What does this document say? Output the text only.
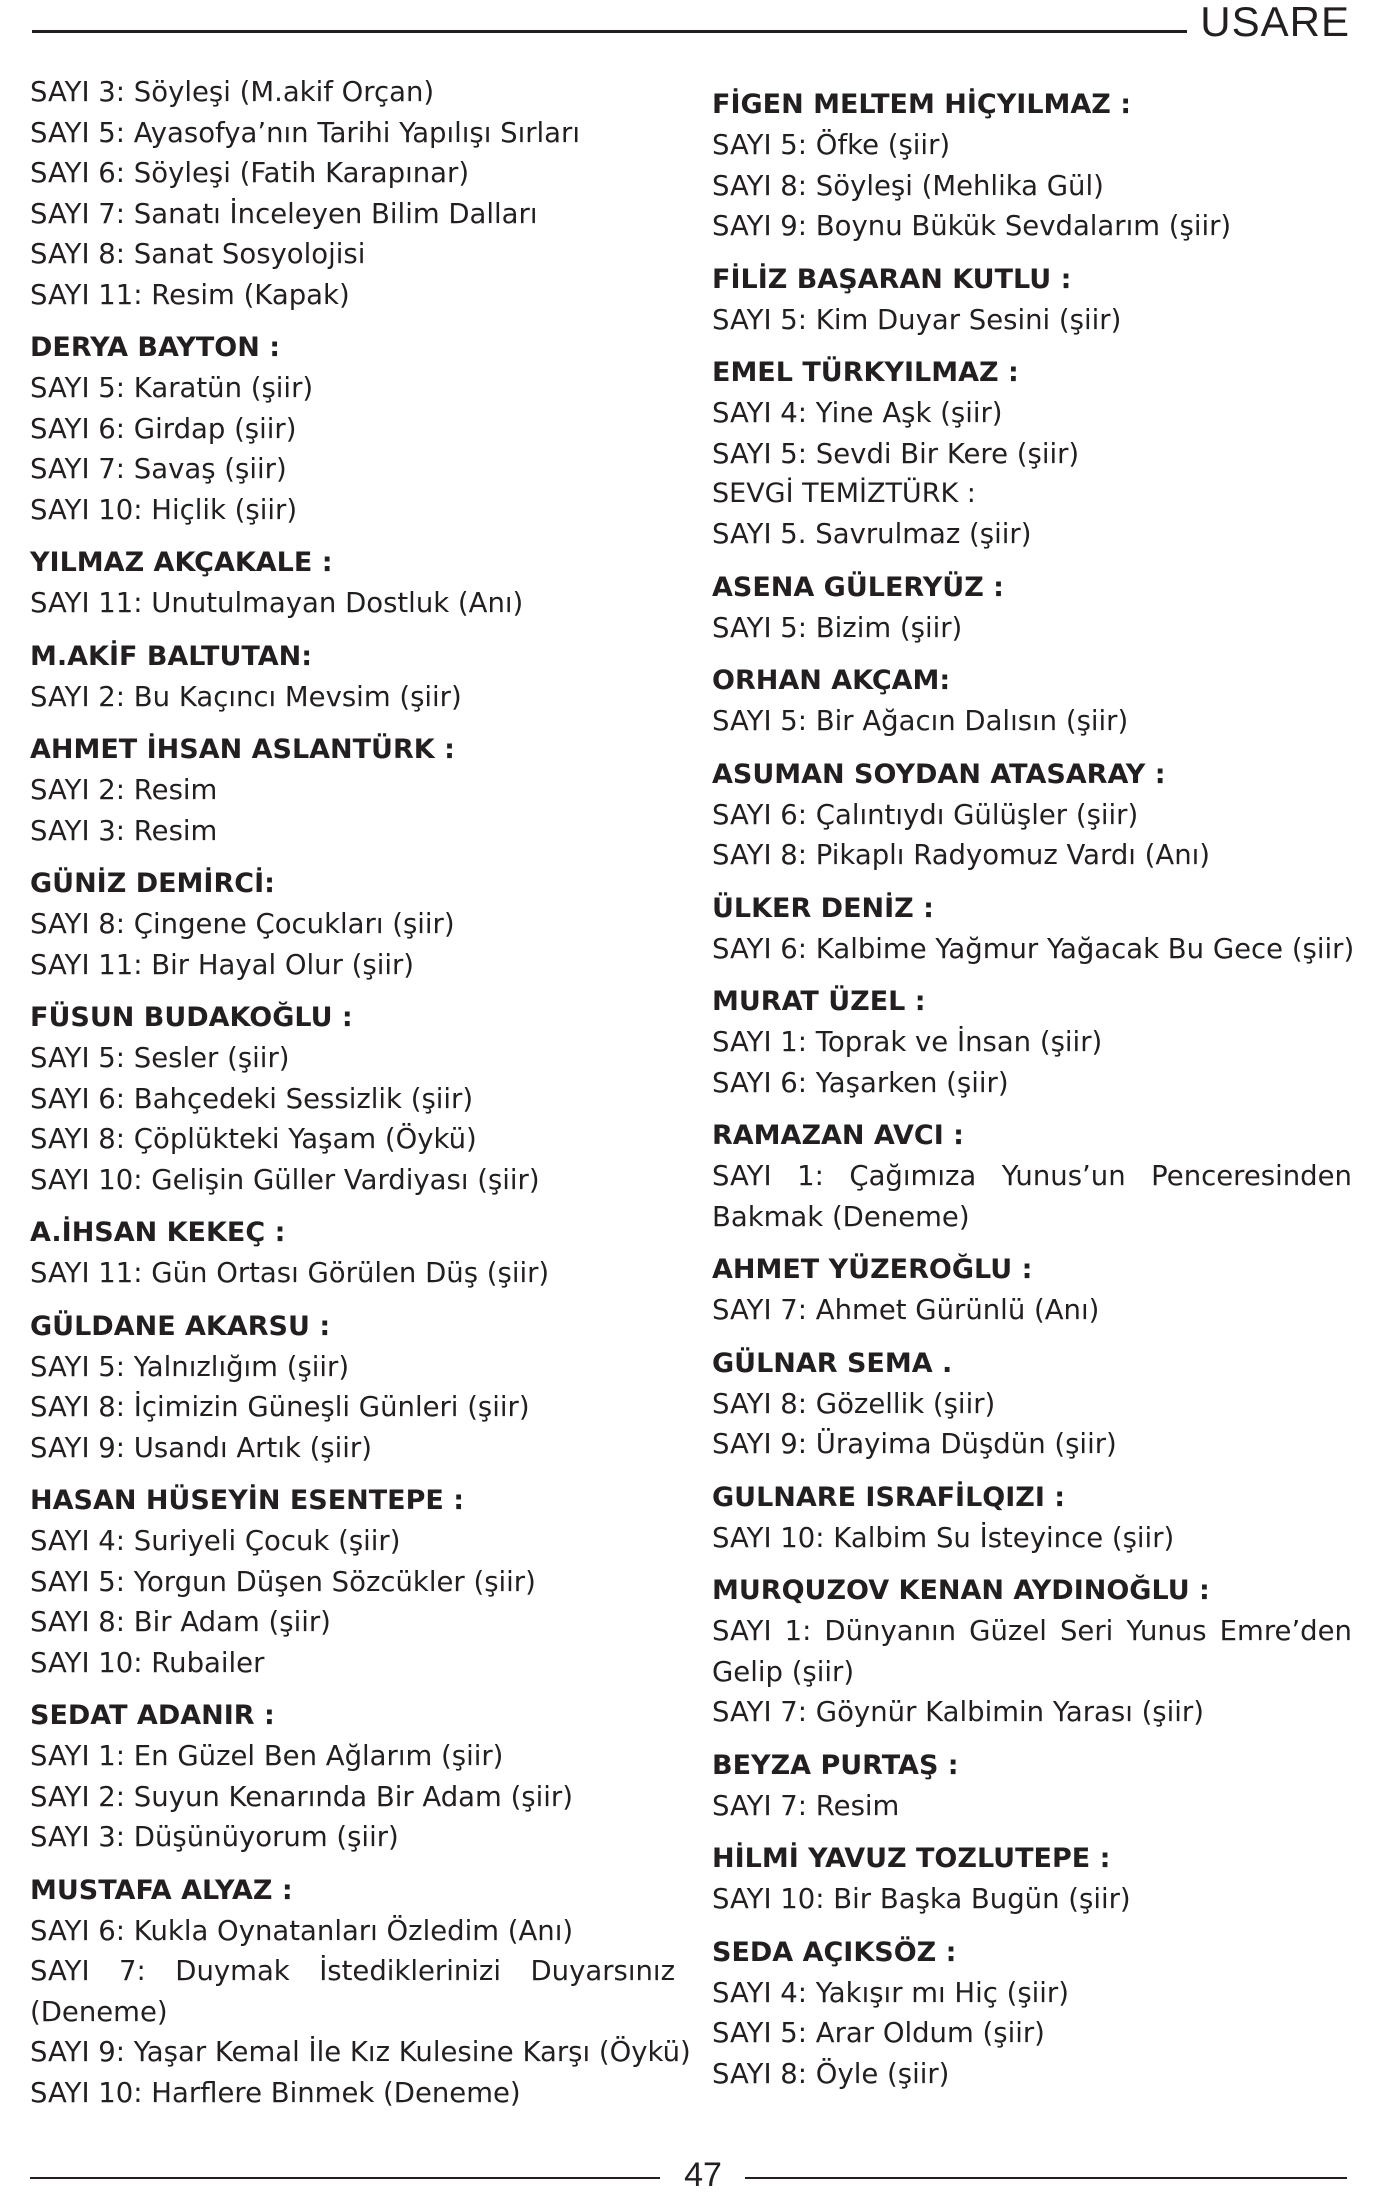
USARE
SAYI 3: Söyleşi (M.akif Orçan)
SAYI 5: Ayasofya’nın Tarihi Yapılışı Sırları
SAYI 6: Söyleşi (Fatih Karapınar)
SAYI 7: Sanatı İnceleyen Bilim Dalları
SAYI 8: Sanat Sosyolojisi
SAYI 11: Resim (Kapak)
DERYA BAYTON :
SAYI 5: Karatün (şiir)
SAYI 6: Girdap (şiir)
SAYI 7: Savaş (şiir)
SAYI 10: Hiçlik (şiir)
YILMAZ AKÇAKALE :
SAYI 11: Unutulmayan Dostluk (Anı)
M.AKİF BALTUTAN:
SAYI 2: Bu Kaçıncı Mevsim (şiir)
AHMET İHSAN ASLANTÜRK :
SAYI 2: Resim
SAYI 3: Resim
GÜNİZ DEMİRCİ:
SAYI 8: Çingene Çocukları (şiir)
SAYI 11: Bir Hayal Olur (şiir)
FÜSUN BUDAKOĞLU :
SAYI 5: Sesler (şiir)
SAYI 6: Bahçedeki Sessizlik (şiir)
SAYI 8: Çöplükteki Yaşam (Öykü)
SAYI 10: Gelişin Güller Vardiyası (şiir)
A.İHSAN KEKEÇ :
SAYI 11: Gün Ortası Görülen Düş (şiir)
GÜLDANE AKARSU :
SAYI 5: Yalnızlığım (şiir)
SAYI 8: İçimizin Güneşli Günleri (şiir)
SAYI 9: Usandı Artık (şiir)
HASAN HÜSEYİN ESENTEPE :
SAYI 4: Suriyeli Çocuk (şiir)
SAYI 5: Yorgun Düşen Sözcükler (şiir)
SAYI 8: Bir Adam (şiir)
SAYI 10: Rubailer
SEDAT ADANIR :
SAYI 1: En Güzel Ben Ağlarım (şiir)
SAYI 2: Suyun Kenarında Bir Adam (şiir)
SAYI 3: Düşünüyorum (şiir)
MUSTAFA ALYAZ :
SAYI 6: Kukla Oynatanları Özledim (Anı)
SAYI 7: Duymak İstediklerinizi Duyarsınız (Deneme)
SAYI 9: Yaşar Kemal İle Kız Kulesine Karşı (Öykü)
SAYI 10: Harflere Binmek (Deneme)
FİGEN MELTEM HİÇYILMAZ :
SAYI 5: Öfke (şiir)
SAYI 8: Söyleşi (Mehlika Gül)
SAYI 9: Boynu Bükük Sevdalarım (şiir)
FİLİZ BAŞARAN KUTLU :
SAYI 5: Kim Duyar Sesini (şiir)
EMEL TÜRKYILMAZ :
SAYI 4: Yine Aşk (şiir)
SAYI 5: Sevdi Bir Kere (şiir)
SEVGİ TEMİZTÜRK :
SAYI 5. Savrulmaz (şiir)
ASENA GÜLERYÜZ :
SAYI 5: Bizim (şiir)
ORHAN AKÇAM:
SAYI 5: Bir Ağacın Dalısın (şiir)
ASUMAN SOYDAN ATASARAY :
SAYI 6: Çalıntıydı Gülüşler (şiir)
SAYI 8: Pikaplı Radyomuz Vardı (Anı)
ÜLKER DENİZ :
SAYI 6: Kalbime Yağmur Yağacak Bu Gece (şiir)
MURAT ÜZEL :
SAYI 1: Toprak ve İnsan (şiir)
SAYI 6: Yaşarken (şiir)
RAMAZAN AVCI :
SAYI 1: Çağımıza Yunus’un Penceresinden Bakmak (Deneme)
AHMET YÜZEROĞLU :
SAYI 7: Ahmet Gürünlü (Anı)
GÜLNAR SEMA .
SAYI 8: Gözellik (şiir)
SAYI 9: Ürayima Düşdün (şiir)
GULNARE ISRAFİLQIZI :
SAYI 10: Kalbim Su İsteyince (şiir)
MURQUZOV KENAN AYDINOĞLU :
SAYI 1: Dünyanın Güzel Seri Yunus Emre’den Gelip (şiir)
SAYI 7: Göynür Kalbimin Yarası (şiir)
BEYZA PURTAŞ :
SAYI 7: Resim
HİLMİ YAVUZ TOZLUTEPE :
SAYI 10: Bir Başka Bugün (şiir)
SEDA AÇIKSÖZ :
SAYI 4: Yakışır mı Hiç (şiir)
SAYI 5: Arar Oldum (şiir)
SAYI 8: Öyle (şiir)
47
